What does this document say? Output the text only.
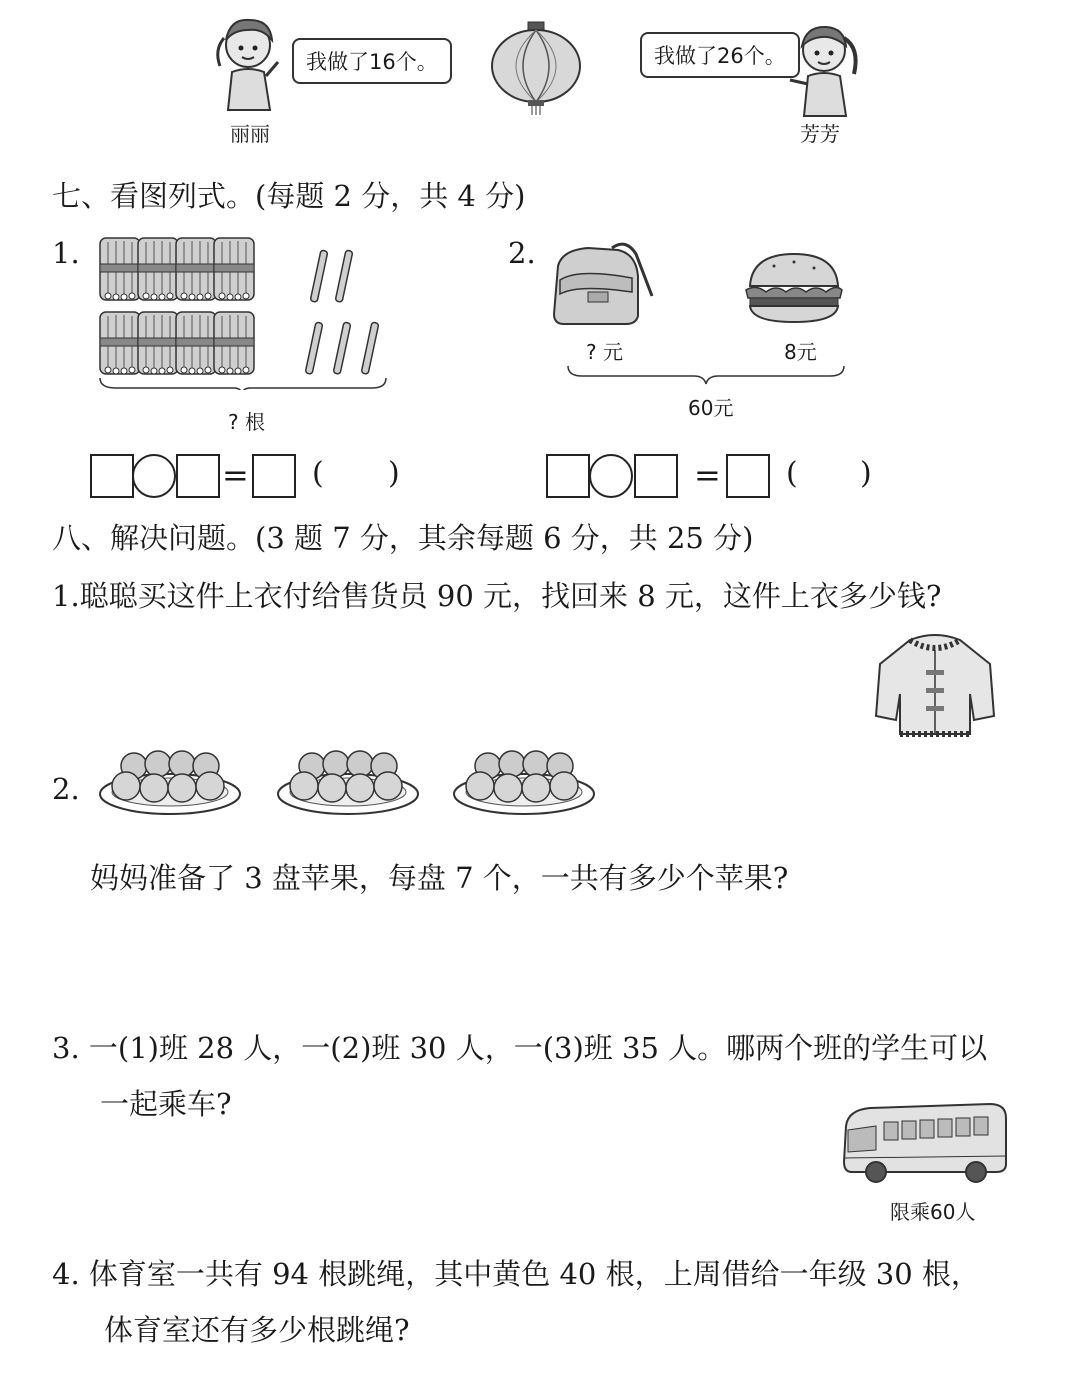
我做了16个。
丽丽
我做了26个。
芳芳
七、看图列式。(每题 2 分，共 4 分)
1.
? 根
2.
? 元	8元
60元
= ( )	= ( )
八、解决问题。(3 题 7 分，其余每题 6 分，共 25 分)
1.聪聪买这件上衣付给售货员 90 元，找回来 8 元，这件上衣多少钱?
2.
妈妈准备了 3 盘苹果，每盘 7 个，一共有多少个苹果?
3. 一(1)班 28 人，一(2)班 30 人，一(3)班 35 人。哪两个班的学生可以
一起乘车?
限乘60人
4. 体育室一共有 94 根跳绳，其中黄色 40 根，上周借给一年级 30 根，
体育室还有多少根跳绳?
